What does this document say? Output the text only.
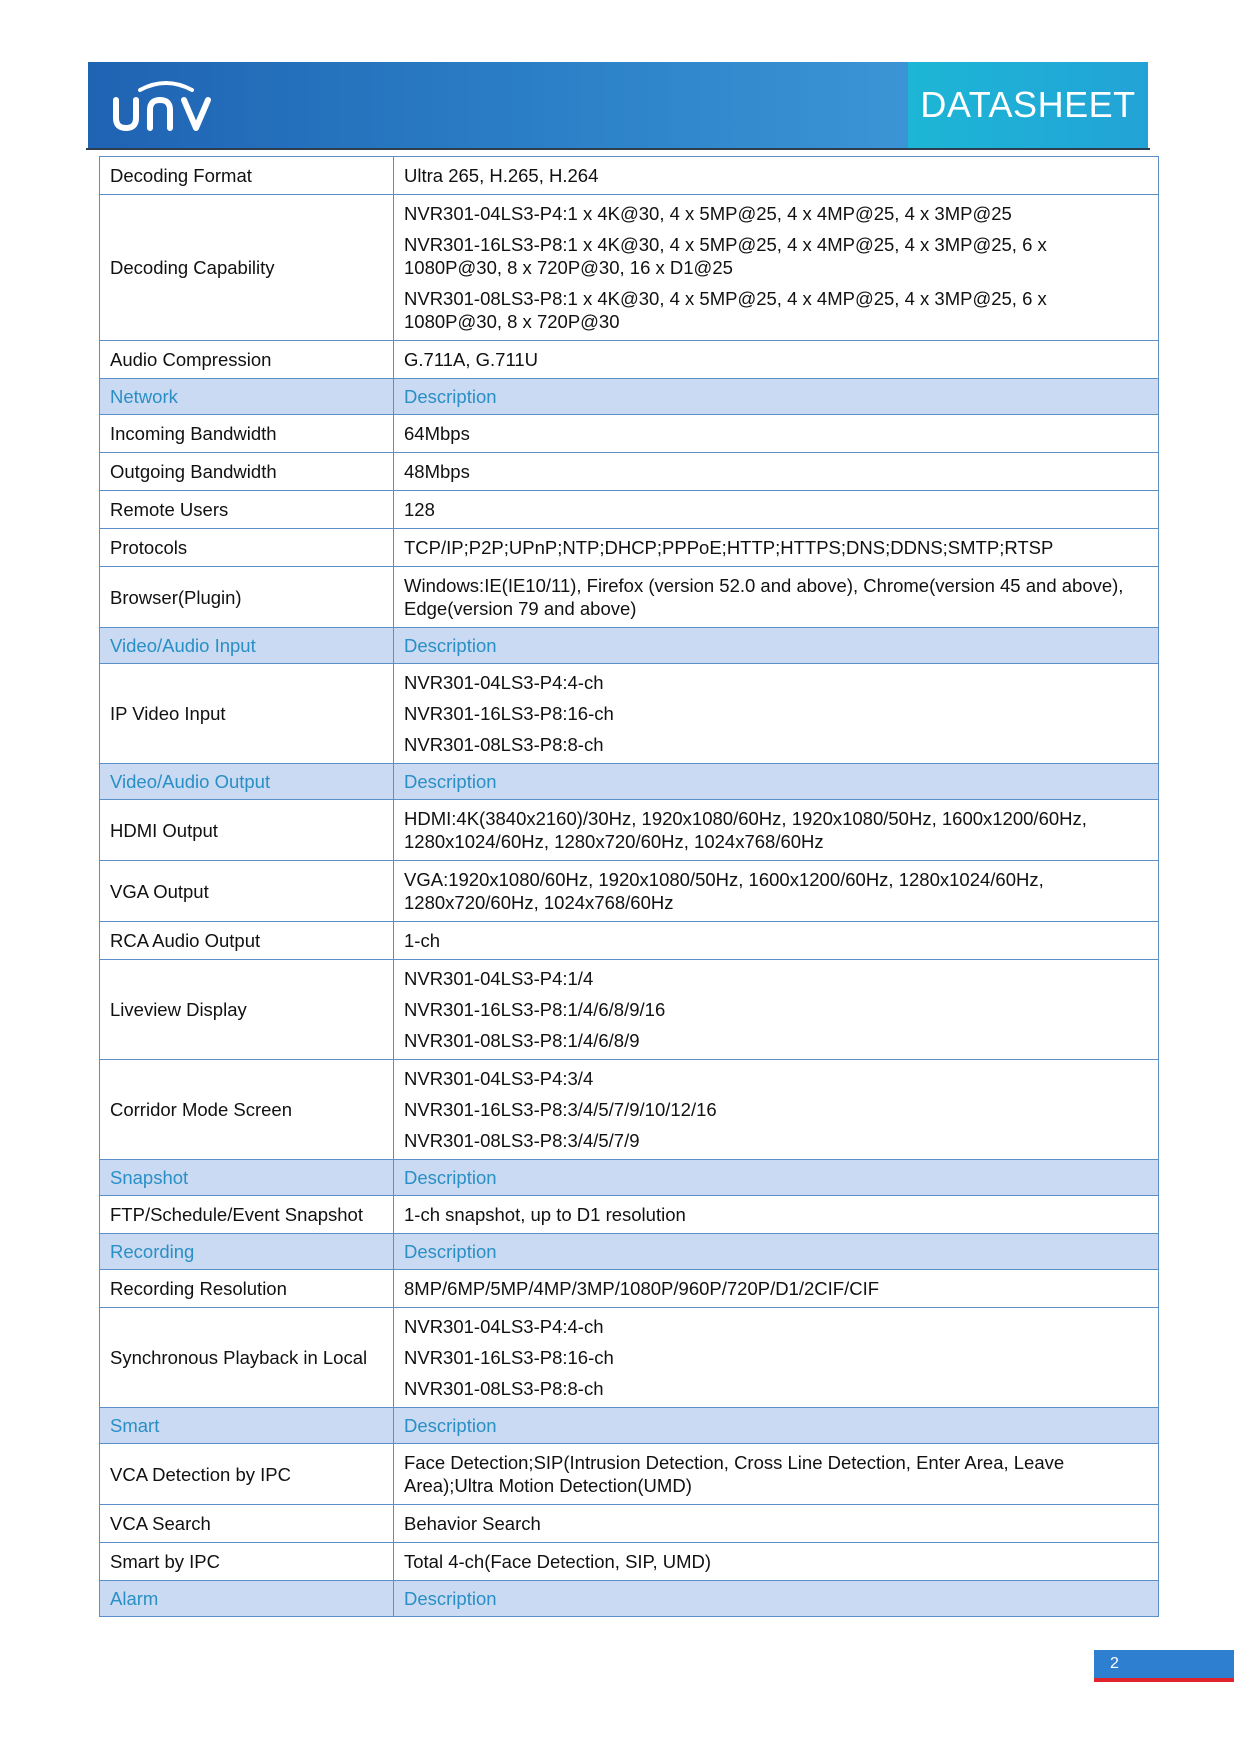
DATASHEET
Decoding Format	Ultra 265, H.265, H.264

Decoding Capability	NVR301-04LS3-P4:1 x 4K@30, 4 x 5MP@25, 4 x 4MP@25, 4 x 3MP@25
NVR301-16LS3-P8:1 x 4K@30, 4 x 5MP@25, 4 x 4MP@25, 4 x 3MP@25, 6 x 1080P@30, 8 x 720P@30, 16 x D1@25
NVR301-08LS3-P8:1 x 4K@30, 4 x 5MP@25, 4 x 4MP@25, 4 x 3MP@25, 6 x 1080P@30, 8 x 720P@30

Audio Compression	G.711A, G.711U

Network	Description
Incoming Bandwidth	64Mbps

Outgoing Bandwidth	48Mbps

Remote Users	128

Protocols	TCP/IP;P2P;UPnP;NTP;DHCP;PPPoE;HTTP;HTTPS;DNS;DDNS;SMTP;RTSP

Browser(Plugin)	Windows:IE(IE10/11), Firefox (version 52.0 and above), Chrome(version 45 and above), Edge(version 79 and above)

Video/Audio Input	Description
IP Video Input	NVR301-04LS3-P4:4-ch
NVR301-16LS3-P8:16-ch
NVR301-08LS3-P8:8-ch

Video/Audio Output	Description
HDMI Output	HDMI:4K(3840x2160)/30Hz, 1920x1080/60Hz, 1920x1080/50Hz, 1600x1200/60Hz, 1280x1024/60Hz, 1280x720/60Hz, 1024x768/60Hz

VGA Output	VGA:1920x1080/60Hz, 1920x1080/50Hz, 1600x1200/60Hz, 1280x1024/60Hz, 1280x720/60Hz, 1024x768/60Hz

RCA Audio Output	1-ch

Liveview Display	NVR301-04LS3-P4:1/4
NVR301-16LS3-P8:1/4/6/8/9/16
NVR301-08LS3-P8:1/4/6/8/9

Corridor Mode Screen	NVR301-04LS3-P4:3/4
NVR301-16LS3-P8:3/4/5/7/9/10/12/16
NVR301-08LS3-P8:3/4/5/7/9

Snapshot	Description
FTP/Schedule/Event Snapshot	1-ch snapshot, up to D1 resolution

Recording	Description
Recording Resolution	8MP/6MP/5MP/4MP/3MP/1080P/960P/720P/D1/2CIF/CIF

Synchronous Playback in Local	NVR301-04LS3-P4:4-ch
NVR301-16LS3-P8:16-ch
NVR301-08LS3-P8:8-ch

Smart	Description
VCA Detection by IPC	Face Detection;SIP(Intrusion Detection, Cross Line Detection, Enter Area, Leave Area);Ultra Motion Detection(UMD)

VCA Search	Behavior Search

Smart by IPC	Total 4-ch(Face Detection, SIP, UMD)

Alarm	Description
2
